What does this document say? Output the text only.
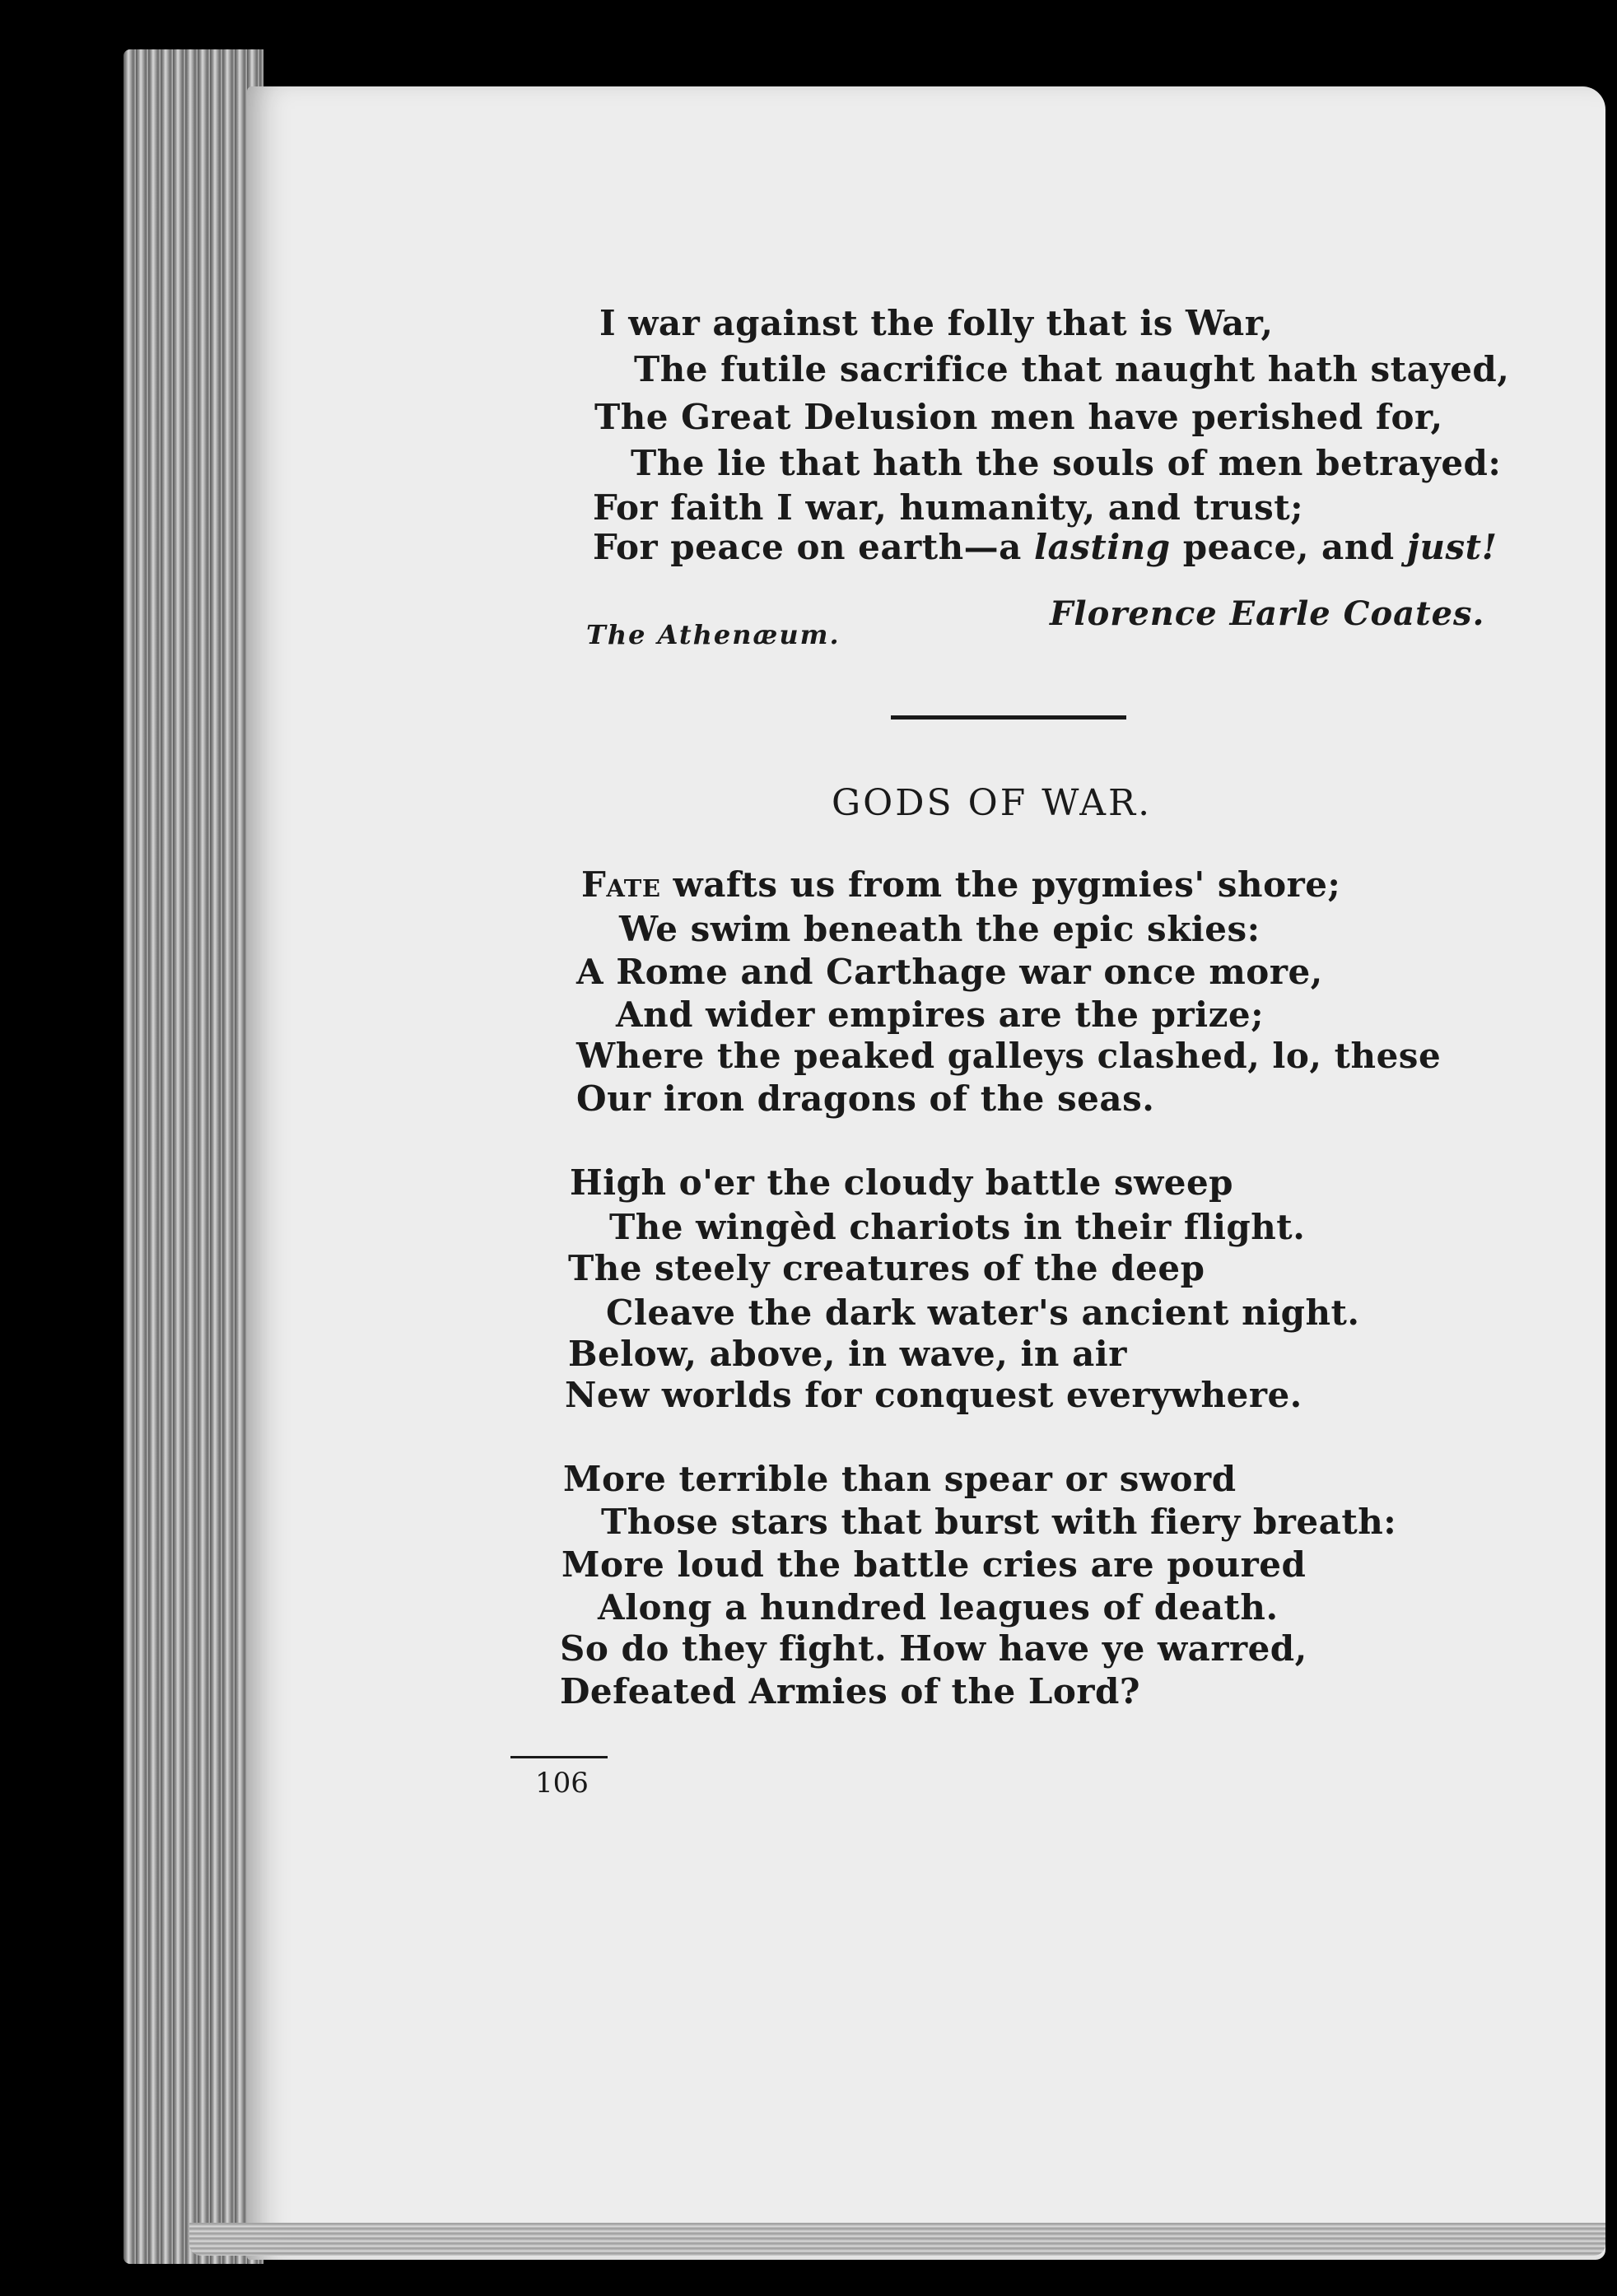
I war against the folly that is War,
The futile sacrifice that naught hath stayed,
The Great Delusion men have perished for,
The lie that hath the souls of men betrayed:
For faith I war, humanity, and trust;
For peace on earth—a lasting peace, and just!
Florence Earle Coates.
The Athenæum.
GODS OF WAR.
Fate wafts us from the pygmies' shore;
We swim beneath the epic skies:
A Rome and Carthage war once more,
And wider empires are the prize;
Where the peaked galleys clashed, lo, these
Our iron dragons of the seas.
High o'er the cloudy battle sweep
The wingèd chariots in their flight.
The steely creatures of the deep
Cleave the dark water's ancient night.
Below, above, in wave, in air
New worlds for conquest everywhere.
More terrible than spear or sword
Those stars that burst with fiery breath:
More loud the battle cries are poured
Along a hundred leagues of death.
So do they fight. How have ye warred,
Defeated Armies of the Lord?
106
